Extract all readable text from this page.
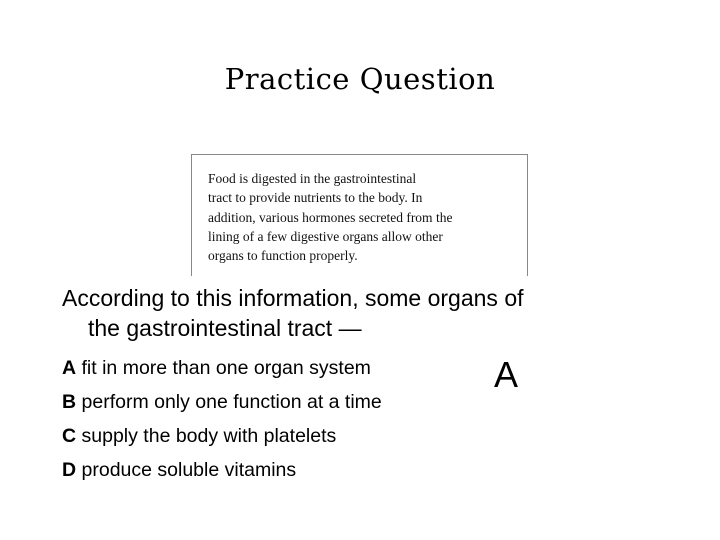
Practice Question
Food is digested in the gastrointestinal
tract to provide nutrients to the body. In
addition, various hormones secreted from the
lining of a few digestive organs allow other
organs to function properly.
According to this information, some organs of
the gastrointestinal tract —
A fit in more than one organ system
B perform only one function at a time
C supply the body with platelets
D produce soluble vitamins
A
